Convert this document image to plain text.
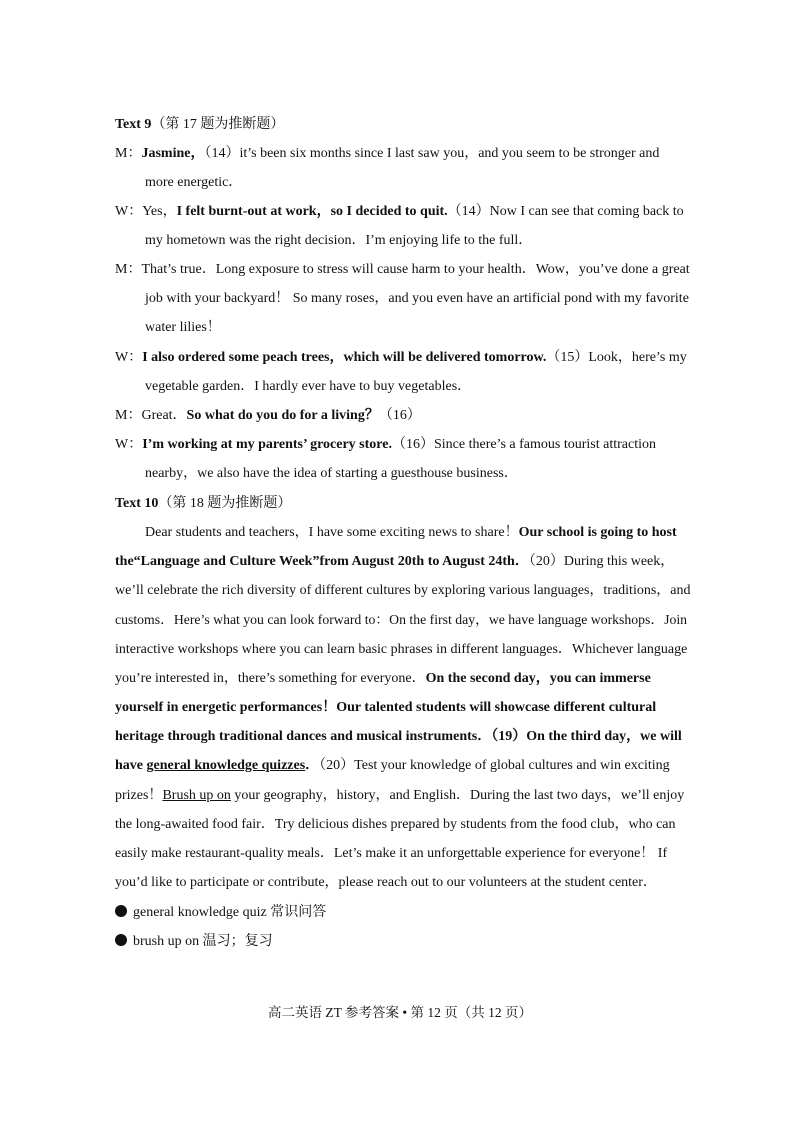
Text 9（第 17 题为推断题）
M：Jasmine，（14）it’s been six months since I last saw you，and you seem to be stronger and
more energetic．
W：Yes，I felt burnt-out at work，so I decided to quit.（14）Now I can see that coming back to
my hometown was the right decision．I’m enjoying life to the full．
M：That’s true．Long exposure to stress will cause harm to your health．Wow，you’ve done a great
job with your backyard！ So many roses，and you even have an artificial pond with my favorite
water lilies！
W：I also ordered some peach trees，which will be delivered tomorrow.（15）Look，here’s my
vegetable garden．I hardly ever have to buy vegetables．
M：Great．So what do you do for a living？（16）
W：I’m working at my parents’ grocery store.（16）Since there’s a famous tourist attraction
nearby，we also have the idea of starting a guesthouse business．
Text 10（第 18 题为推断题）
Dear students and teachers，I have some exciting news to share！Our school is going to host
the“Language and Culture Week”from August 20th to August 24th．（20）During this week，
we’ll celebrate the rich diversity of different cultures by exploring various languages，traditions，and
customs．Here’s what you can look forward to：On the first day，we have language workshops．Join
interactive workshops where you can learn basic phrases in different languages．Whichever language
you’re interested in，there’s something for everyone．On the second day，you can immerse
yourself in energetic performances！Our talented students will showcase different cultural
heritage through traditional dances and musical instruments．（19）On the third day，we will
have general knowledge quizzes．（20）Test your knowledge of global cultures and win exciting
prizes！Brush up on your geography，history，and English．During the last two days，we’ll enjoy
the long-awaited food fair．Try delicious dishes prepared by students from the food club，who can
easily make restaurant-quality meals．Let’s make it an unforgettable experience for everyone！ If
you’d like to participate or contribute，please reach out to our volunteers at the student center．
general knowledge quiz 常识问答
brush up on 温习；复习
高二英语 ZT 参考答案 • 第 12 页（共 12 页）
